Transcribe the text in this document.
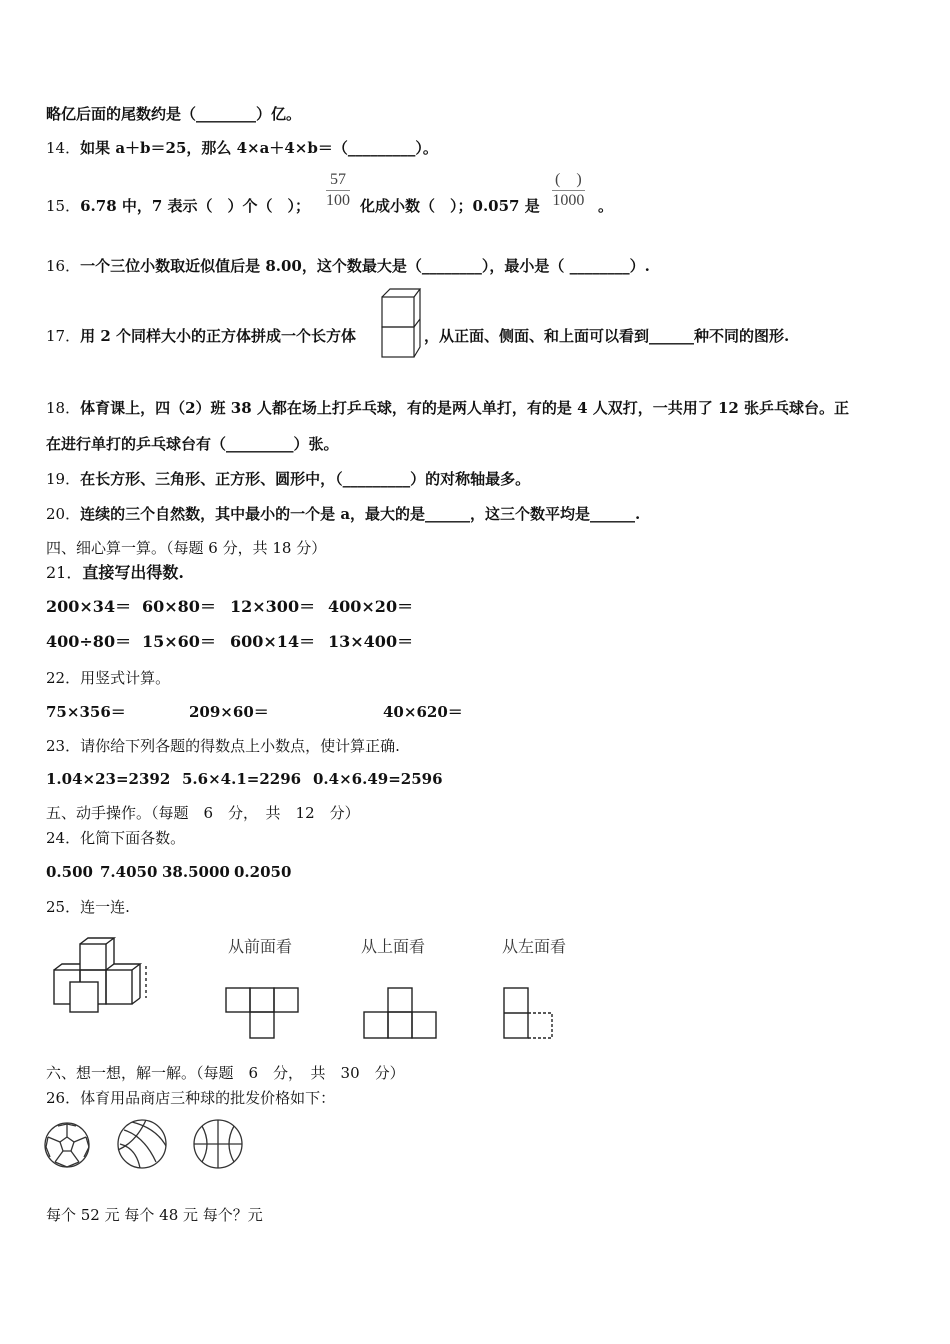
略亿后面的尾数约是（________）亿。
14．如果 a＋b＝25，那么 4×a＋4×b＝（_________）。
15．6.78 中，7 表示（　）个（　）； $\frac{57}{100}$ 化成小数（　）；0.057 是
(　)
1000 。
16．一个三位小数取近似值后是 8.00，这个数最大是（________），最小是（ ________）.
17．用 2 个同样大小的正方体拼成一个长方体	，从正面、侧面、和上面可以看到______种不同的图形.
18．体育课上，四（2）班 38 人都在场上打乒乓球，有的是两人单打，有的是 4 人双打，一共用了 12 张乒乓球台。正
在进行单打的乒乓球台有（_________）张。
19．在长方形、三角形、正方形、圆形中，（_________）的对称轴最多。
20．连续的三个自然数，其中最小的一个是 a，最大的是______，这三个数平均是______.
四、细心算一算。（每题 6 分，共 18 分）
21．直接写出得数.
200×34＝ 60×80＝ 12×300＝ 400×20＝
400÷80＝ 15×60＝ 600×14＝ 13×400＝
22．用竖式计算。
75×356＝	209×60＝	40×620＝
23．请你给下列各题的得数点上小数点，使计算正确.
1.04×23=2392 5.6×4.1=2296 0.4×6.49=2596
五、动手操作。（每题　6　分，　共　12　分）
24．化简下面各数。
0.500 7.4050 38.5000 0.2050
25．连一连.
从前面看	从上面看	从左面看
六、想一想，解一解。（每题　6　分，　共　30　分）
26．体育用品商店三种球的批发价格如下：
每个 52 元 每个 48 元 每个？元
